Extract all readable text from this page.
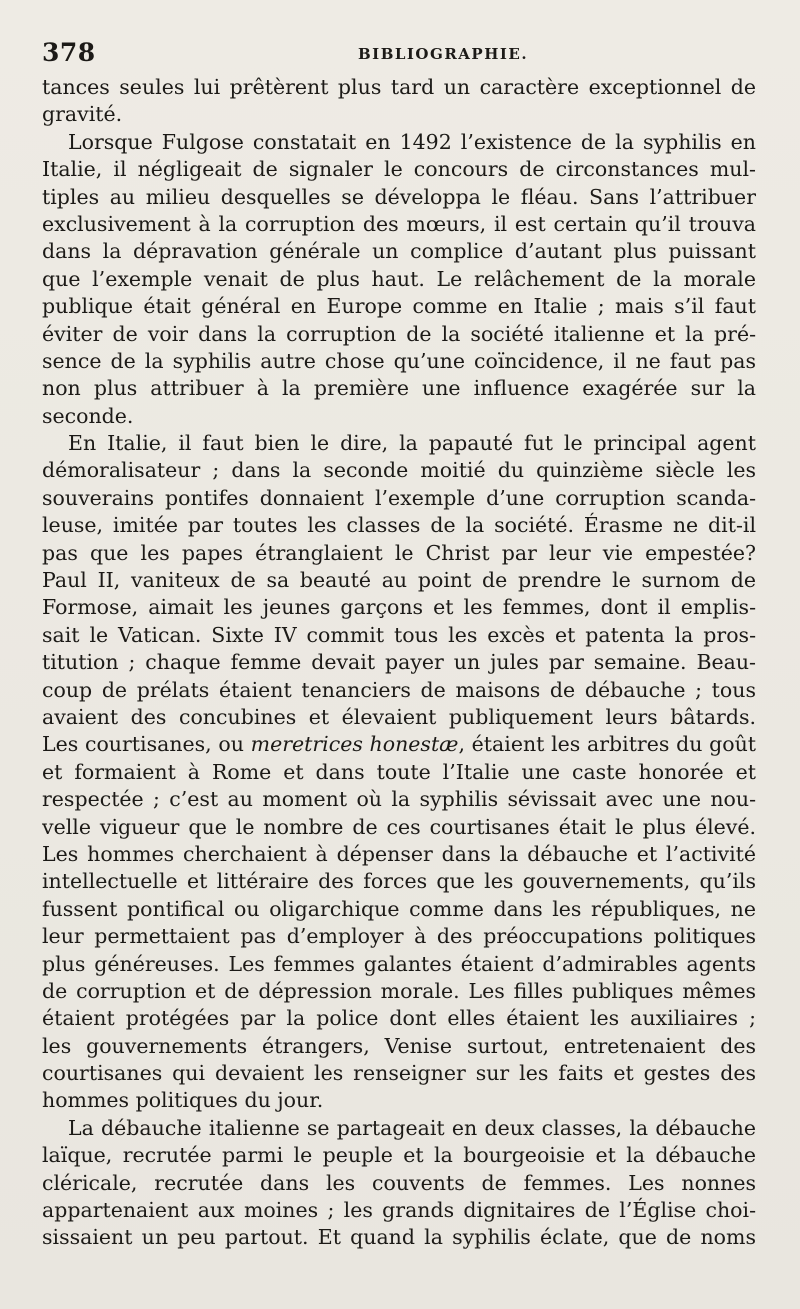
378	BIBLIOGRAPHIE.
tances seules lui prêtèrent plus tard un caractère exceptionnel de
gravité.
Lorsque Fulgose constatait en 1492 l’existence de la syphilis en
Italie, il négligeait de signaler le concours de circonstances mul-
tiples au milieu desquelles se développa le fléau. Sans l’attribuer
exclusivement à la corruption des mœurs, il est certain qu’il trouva
dans la dépravation générale un complice d’autant plus puissant
que l’exemple venait de plus haut. Le relâchement de la morale
publique était général en Europe comme en Italie ; mais s’il faut
éviter de voir dans la corruption de la société italienne et la pré-
sence de la syphilis autre chose qu’une coïncidence, il ne faut pas
non plus attribuer à la première une influence exagérée sur la
seconde.
En Italie, il faut bien le dire, la papauté fut le principal agent
démoralisateur ; dans la seconde moitié du quinzième siècle les
souverains pontifes donnaient l’exemple d’une corruption scanda-
leuse, imitée par toutes les classes de la société. Érasme ne dit-il
pas que les papes étranglaient le Christ par leur vie empestée?
Paul II, vaniteux de sa beauté au point de prendre le surnom de
Formose, aimait les jeunes garçons et les femmes, dont il emplis-
sait le Vatican. Sixte IV commit tous les excès et patenta la pros-
titution ; chaque femme devait payer un jules par semaine. Beau-
coup de prélats étaient tenanciers de maisons de débauche ; tous
avaient des concubines et élevaient publiquement leurs bâtards.
Les courtisanes, ou meretrices honestæ, étaient les arbitres du goût
et formaient à Rome et dans toute l’Italie une caste honorée et
respectée ; c’est au moment où la syphilis sévissait avec une nou-
velle vigueur que le nombre de ces courtisanes était le plus élevé.
Les hommes cherchaient à dépenser dans la débauche et l’activité
intellectuelle et littéraire des forces que les gouvernements, qu’ils
fussent pontifical ou oligarchique comme dans les républiques, ne
leur permettaient pas d’employer à des préoccupations politiques
plus généreuses. Les femmes galantes étaient d’admirables agents
de corruption et de dépression morale. Les filles publiques mêmes
étaient protégées par la police dont elles étaient les auxiliaires ;
les gouvernements étrangers, Venise surtout, entretenaient des
courtisanes qui devaient les renseigner sur les faits et gestes des
hommes politiques du jour.
La débauche italienne se partageait en deux classes, la débauche
laïque, recrutée parmi le peuple et la bourgeoisie et la débauche
cléricale, recrutée dans les couvents de femmes. Les nonnes
appartenaient aux moines ; les grands dignitaires de l’Église choi-
sissaient un peu partout. Et quand la syphilis éclate, que de noms
